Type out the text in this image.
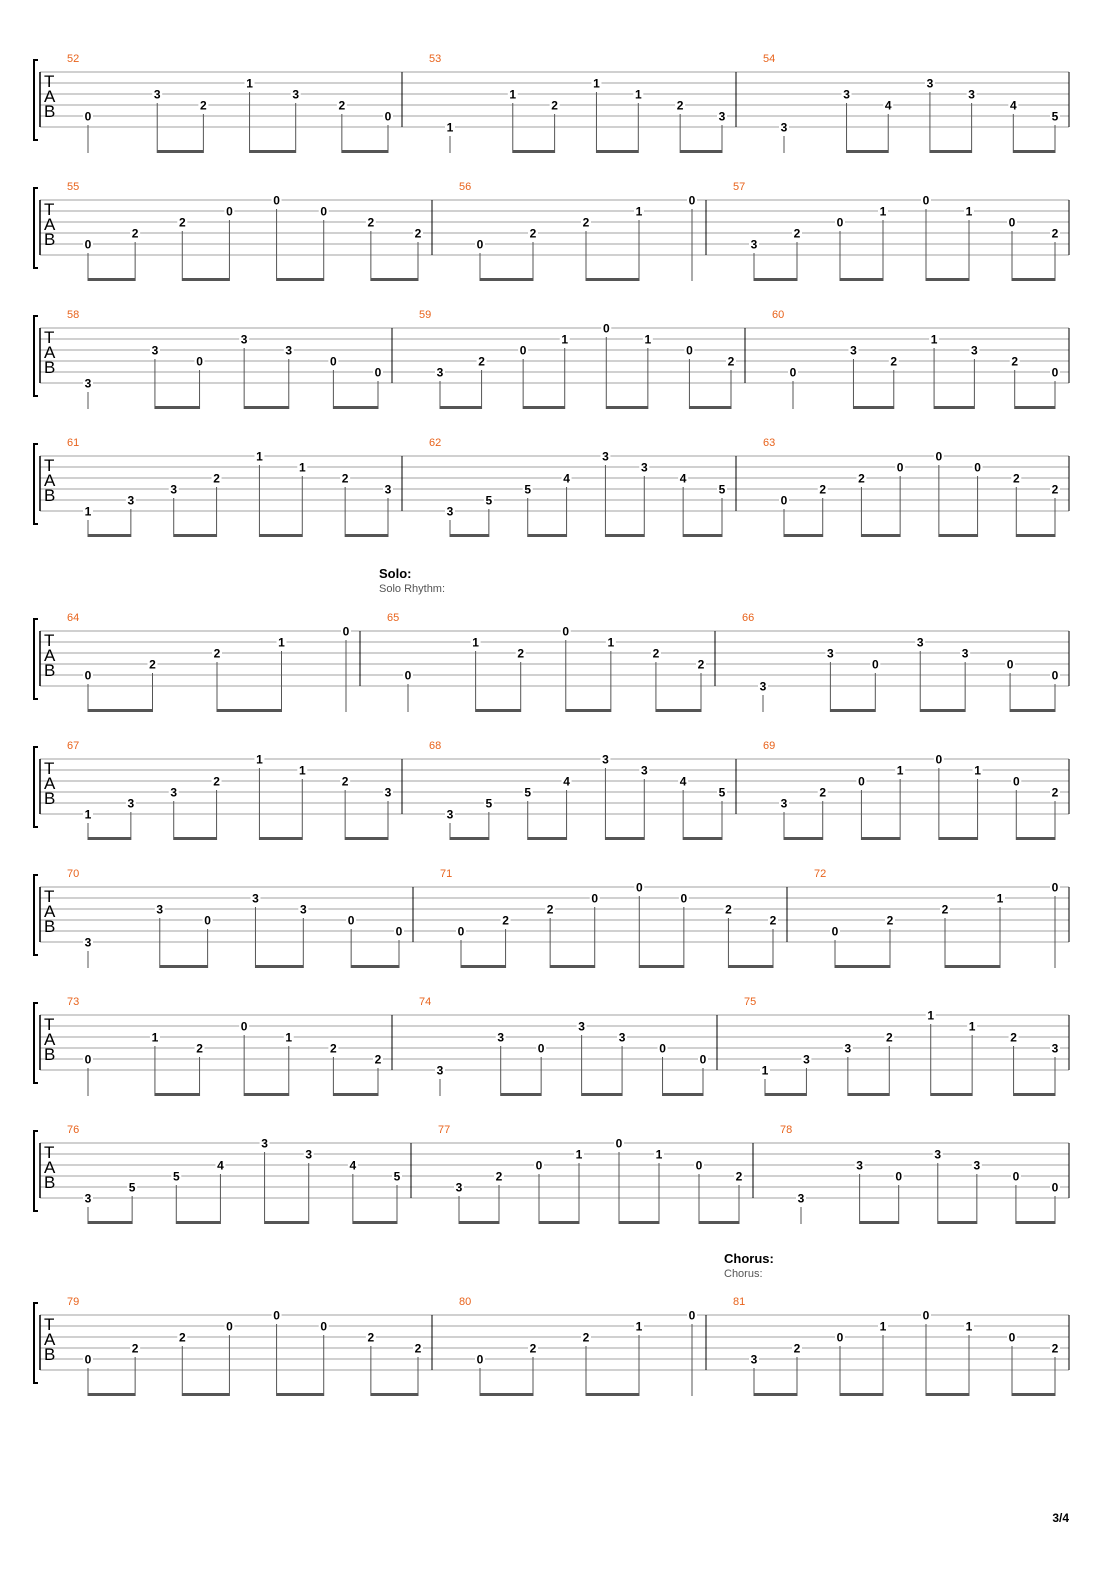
Solo:
Solo Rhythm:
Chorus:
Chorus:
T
A
B
52
0
3
2
1
3
2
0
53
1
1
2
1
1
2
3
54
3
3
4
3
3
4
5
T
A
B
55
0
2
2
0
0
0
2
2
56
0
2
2
1
0
57
3
2
0
1
0
1
0
2
T
A
B
58
3
3
0
3
3
0
0
59
3
2
0
1
0
1
0
2
60
0
3
2
1
3
2
0
T
A
B
61
1
3
3
2
1
1
2
3
62
3
5
5
4
3
3
4
5
63
0
2
2
0
0
0
2
2
T
A
B
64
0
2
2
1
0
65
0
1
2
0
1
2
2
66
3
3
0
3
3
0
0
T
A
B
67
1
3
3
2
1
1
2
3
68
3
5
5
4
3
3
4
5
69
3
2
0
1
0
1
0
2
T
A
B
70
3
3
0
3
3
0
0
71
0
2
2
0
0
0
2
2
72
0
2
2
1
0
T
A
B
73
0
1
2
0
1
2
2
74
3
3
0
3
3
0
0
75
1
3
3
2
1
1
2
3
T
A
B
76
3
5
5
4
3
3
4
5
77
3
2
0
1
0
1
0
2
78
3
3
0
3
3
0
0
T
A
B
79
0
2
2
0
0
0
2
2
80
0
2
2
1
0
81
3
2
0
1
0
1
0
2
3/4
